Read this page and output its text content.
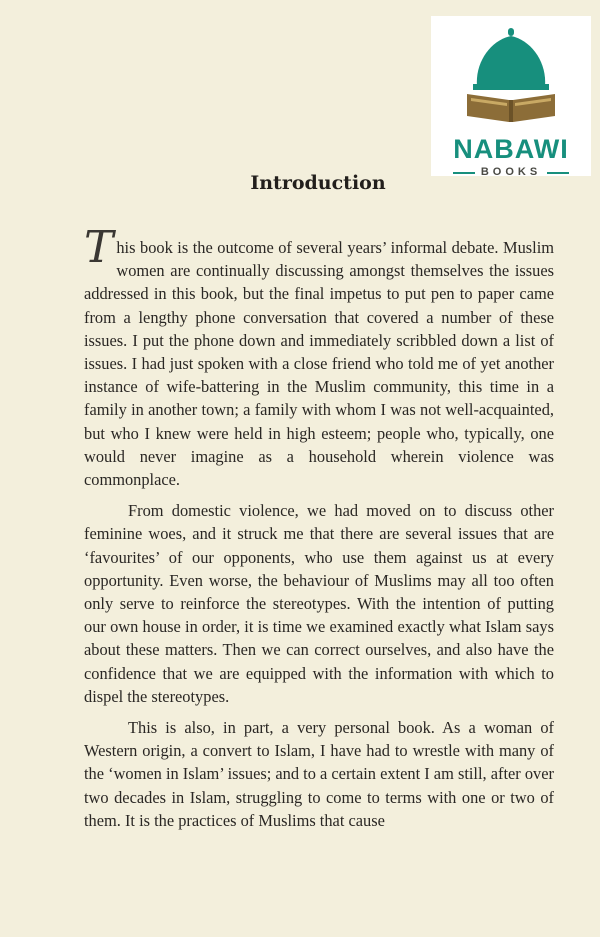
NABAWI
BOOKS
Introduction

This book is the outcome of several years’ informal debate. Muslim women are continually discussing amongst themselves the issues addressed in this book, but the final impetus to put pen to paper came from a lengthy phone conversation that covered a number of these issues. I put the phone down and immediately scribbled down a list of issues. I had just spoken with a close friend who told me of yet another instance of wife-battering in the Muslim community, this time in a family in another town; a family with whom I was not well-acquainted, but who I knew were held in high esteem; people who, typically, one would never imagine as a household wherein violence was commonplace.

From domestic violence, we had moved on to discuss other feminine woes, and it struck me that there are several issues that are ‘favourites’ of our opponents, who use them against us at every opportunity. Even worse, the behaviour of Muslims may all too often only serve to reinforce the stereotypes. With the intention of putting our own house in order, it is time we examined exactly what Islam says about these matters. Then we can correct ourselves, and also have the confidence that we are equipped with the information with which to dispel the stereotypes.

This is also, in part, a very personal book. As a woman of Western origin, a convert to Islam, I have had to wrestle with many of the ‘women in Islam’ issues; and to a certain extent I am still, after over two decades in Islam, struggling to come to terms with one or two of them. It is the practices of Muslims that cause
